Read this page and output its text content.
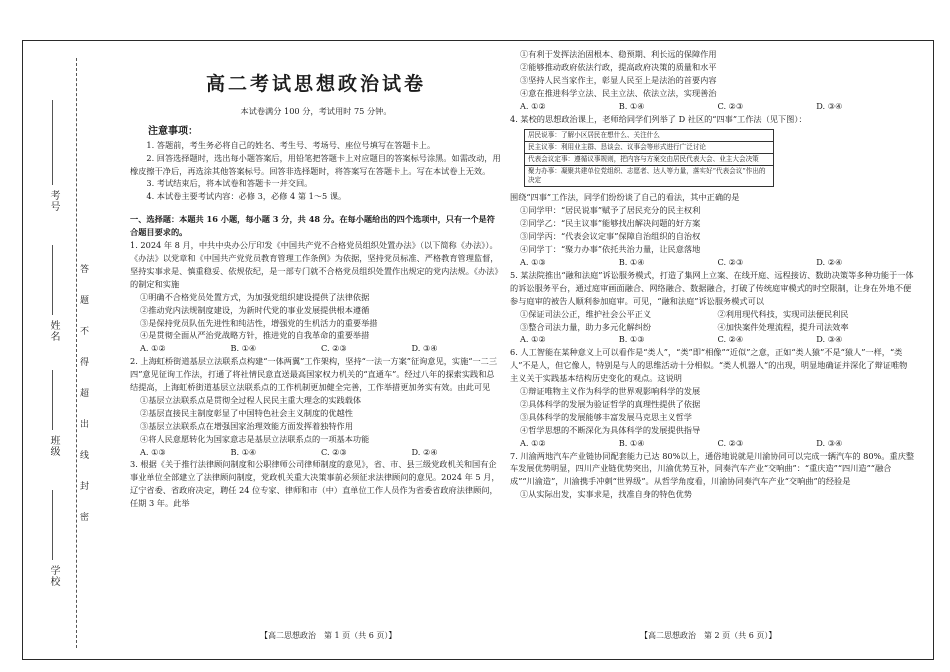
考号
姓名
班级
学校
答
题
不
得
超
出
线
封
密

高二考试思想政治试卷

本试卷满分 100 分，考试用时 75 分钟。

注意事项：

1. 答题前，考生务必将自己的姓名、考生号、考场号、座位号填写在答题卡上。

2. 回答选择题时，选出每小题答案后，用铅笔把答题卡上对应题目的答案标号涂黑。如需改动，用橡皮擦干净后，再选涂其他答案标号。回答非选择题时，将答案写在答题卡上。写在本试卷上无效。

3. 考试结束后，将本试卷和答题卡一并交回。

4. 本试卷主要考试内容：必修 3，必修 4 第 1～5 课。

一、选择题：本题共 16 小题，每小题 3 分，共 48 分。在每小题给出的四个选项中，只有一个是符合题目要求的。

1. 2024 年 8 月，中共中央办公厅印发《中国共产党不合格党员组织处置办法》（以下简称《办法》）。《办法》以党章和《中国共产党党员教育管理工作条例》为依据，坚持党员标准、严格教育管理监督，坚持实事求是、慎重稳妥、依规依纪，是一部专门就不合格党员组织处置作出规定的党内法规。《办法》的制定和实施

①明确不合格党员处置方式，为加强党组织建设提供了法律依据

②推动党内法规制度建设，为新时代党的事业发展提供根本遵循

③是保持党员队伍先进性和纯洁性，增强党的生机活力的重要举措

④是贯彻全面从严治党战略方针，推进党的自我革命的重要举措

A. ①②	B. ①④	C. ②③	D. ③④

2. 上海虹桥街道基层立法联系点构建“一体两翼”工作架构，坚持“一法一方案”征询意见，实施“一二三四”意见征询工作法，打通了将社情民意直送最高国家权力机关的“直通车”。经过八年的探索实践和总结提高，上海虹桥街道基层立法联系点的工作机制更加健全完善，工作举措更加务实有效。由此可见

①基层立法联系点是贯彻全过程人民民主重大理念的实践载体

②基层直接民主制度彰显了中国特色社会主义制度的优越性

③基层立法联系点在增强国家治理效能方面发挥着独特作用

④将人民意愿转化为国家意志是基层立法联系点的一项基本功能

A. ①③	B. ①④	C. ②③	D. ②④

3. 根据《关于推行法律顾问制度和公职律师公司律师制度的意见》，省、市、县三级党政机关和国有企事业单位全部建立了法律顾问制度，党政机关重大决策事前必须征求法律顾问的意见。2024 年 5 月，辽宁省委、省政府决定，聘任 24 位专家、律师和市（中）直单位工作人员作为省委省政府法律顾问，任期 3 年。此举

①有利于发挥法治固根本、稳预期、利长远的保障作用

②能够推动政府依法行政，提高政府决策的质量和水平

③坚持人民当家作主，彰显人民至上是法治的首要内容

④意在推进科学立法、民主立法、依法立法，实现善治

A. ①②	B. ①④	C. ②③	D. ③④

4. 某校的思想政治课上，老师给同学们列举了 D 社区的“四事”工作法（见下图）：

居民说事：了解小区居民在想什么、关注什么
民主议事：利用业主群、恳谈会、议事会等形式进行广泛讨论
代表会议定事：遵循议事规则，把内容与方案交由居民代表大会、业主大会决策
聚力办事：凝聚共建单位党组织、志愿者、达人等力量，落实好“代表会议”作出的决定

围绕“四事”工作法，同学们纷纷谈了自己的看法，其中正确的是

①同学甲：“居民说事”赋予了居民充分的民主权利

②同学乙：“民主议事”能够找出解决问题的好方案

③同学丙：“代表会议定事”保障自治组织的自治权

④同学丁：“聚力办事”依托共治力量，让民意落地

A. ①③	B. ①④	C. ②③	D. ②④

5. 某法院推出“融和法庭”诉讼服务模式，打造了集网上立案、在线开庭、远程接访、数助决策等多种功能于一体的诉讼服务平台，通过庭审画面融合、网络融合、数据融合，打破了传统庭审模式的时空限制，让身在外地不便参与庭审的被告人顺利参加庭审。可见，“融和法庭”诉讼服务模式可以

①保证司法公正，维护社会公平正义	②利用现代科技，实现司法便民利民
③整合司法力量，助力多元化解纠纷	④加快案件处理流程，提升司法效率
A. ①②	B. ①③	C. ②④	D. ③④

6. 人工智能在某种意义上可以看作是“类人”，“类”即“相像”“近似”之意，正如“类人猿”不是“猿人”一样，“类人”不是人，但它像人，特别是与人的思维活动十分相似。“类人机器人”的出现，明显地确证并深化了辩证唯物主义关于实践基本结构历史变化的观点。这说明

①辩证唯物主义作为科学的世界观影响科学的发展

②具体科学的发展为验证哲学的真理性提供了依据

③具体科学的发展能够丰富发展马克思主义哲学

④哲学思想的不断深化为具体科学的发展提供指导

A. ①②	B. ①④	C. ②③	D. ③④

7. 川渝两地汽车产业链协同配套能力已达 80%以上，通俗地说就是川渝协同可以完成一辆汽车的 80%。重庆整车发展优势明显，四川产业链优势突出，川渝优势互补，同奏汽车产业“交响曲”：“重庆造”“四川造”“融合成”“川渝造”，川渝携手冲刺“世界级”。从哲学角度看，川渝协同奏汽车产业“交响曲”的经验是

①从实际出发，实事求是，找准自身的特色优势

【高二思想政治　第 1 页（共 6 页）】	【高二思想政治　第 2 页（共 6 页）】
